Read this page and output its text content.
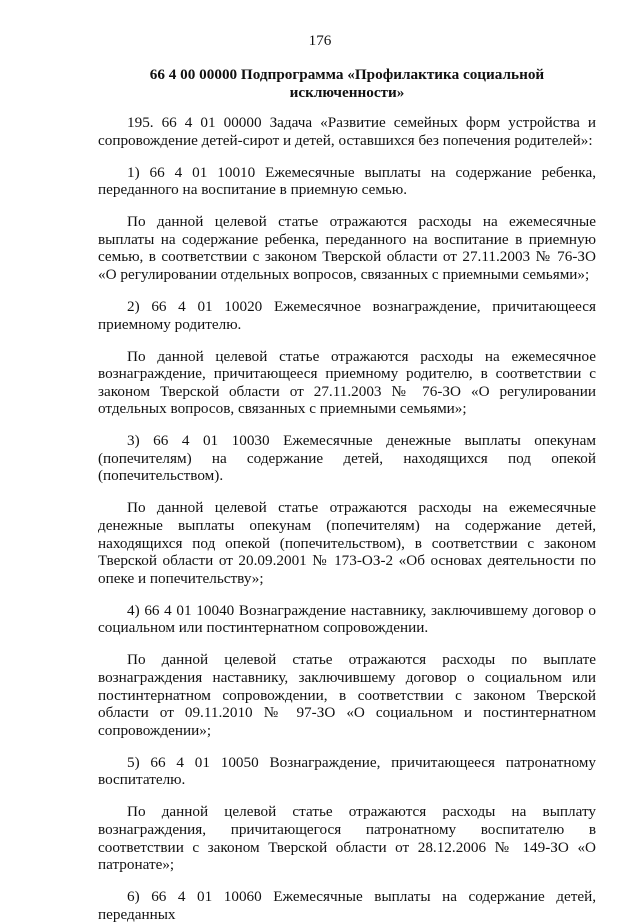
176
66 4 00 00000 Подпрограмма «Профилактика социальной исключенности»

195. 66 4 01 00000 Задача «Развитие семейных форм устройства и сопровождение детей-сирот и детей, оставшихся без попечения родителей»:

1) 66 4 01 10010 Ежемесячные выплаты на содержание ребенка, переданного на воспитание в приемную семью.

По данной целевой статье отражаются расходы на ежемесячные выплаты на содержание ребенка, переданного на воспитание в приемную семью, в соответствии с законом Тверской области от 27.11.2003 № 76-ЗО «О регулировании отдельных вопросов, связанных с приемными семьями»;

2) 66 4 01 10020 Ежемесячное вознаграждение, причитающееся приемному родителю.

По данной целевой статье отражаются расходы на ежемесячное вознаграждение, причитающееся приемному родителю, в соответствии с законом Тверской области от 27.11.2003 № 76-ЗО «О регулировании отдельных вопросов, связанных с приемными семьями»;

3) 66 4 01 10030 Ежемесячные денежные выплаты опекунам (попечителям) на содержание детей, находящихся под опекой (попечительством).

По данной целевой статье отражаются расходы на ежемесячные денежные выплаты опекунам (попечителям) на содержание детей, находящихся под опекой (попечительством), в соответствии с законом Тверской области от 20.09.2001 № 173-ОЗ-2 «Об основах деятельности по опеке и попечительству»;

4) 66 4 01 10040 Вознаграждение наставнику, заключившему договор о социальном или постинтернатном сопровождении.

По данной целевой статье отражаются расходы по выплате вознаграждения наставнику, заключившему договор о социальном или постинтернатном сопровождении, в соответствии с законом Тверской области от 09.11.2010 № 97-ЗО «О социальном и постинтернатном сопровождении»;

5) 66 4 01 10050 Вознаграждение, причитающееся патронатному воспитателю.

По данной целевой статье отражаются расходы на выплату вознаграждения, причитающегося патронатному воспитателю в соответствии с законом Тверской области от 28.12.2006 № 149-ЗО «О патронате»;

6) 66 4 01 10060 Ежемесячные выплаты на содержание детей, переданных
